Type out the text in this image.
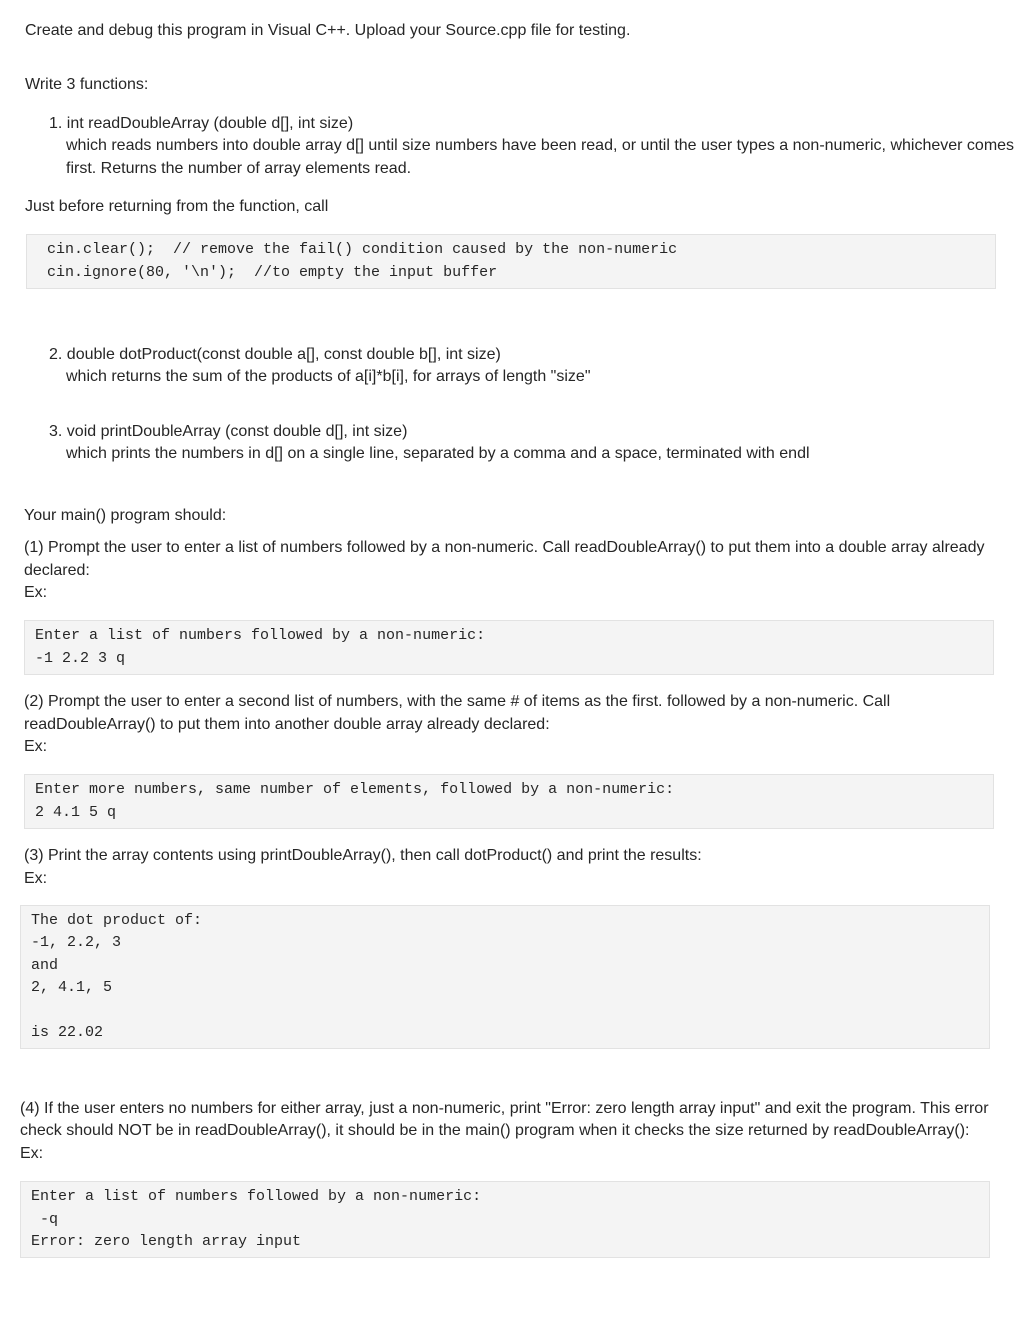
Create and debug this program in Visual C++. Upload your Source.cpp file for testing.
Write 3 functions:
1. int readDoubleArray (double d[], int size)
which reads numbers into double array d[] until size numbers have been read, or until the user types a non-numeric, whichever comes
first. Returns the number of array elements read.
Just before returning from the function, call
cin.clear();  // remove the fail() condition caused by the non-numeric
cin.ignore(80, '\n');  //to empty the input buffer
2. double dotProduct(const double a[], const double b[], int size)
which returns the sum of the products of a[i]*b[i], for arrays of length "size"
3. void printDoubleArray (const double d[], int size)
which prints the numbers in d[] on a single line, separated by a comma and a space, terminated with endl
Your main() program should:
(1) Prompt the user to enter a list of numbers followed by a non-numeric. Call readDoubleArray() to put them into a double array already
declared:
Ex:
Enter a list of numbers followed by a non-numeric:
-1 2.2 3 q
(2) Prompt the user to enter a second list of numbers, with the same # of items as the first. followed by a non-numeric. Call
readDoubleArray() to put them into another double array already declared:
Ex:
Enter more numbers, same number of elements, followed by a non-numeric:
2 4.1 5 q
(3) Print the array contents using printDoubleArray(), then call dotProduct() and print the results:
Ex:
The dot product of:
-1, 2.2, 3
and
2, 4.1, 5
is 22.02
(4) If the user enters no numbers for either array, just a non-numeric, print "Error: zero length array input" and exit the program. This error
check should NOT be in readDoubleArray(), it should be in the main() program when it checks the size returned by readDoubleArray():
Ex:
Enter a list of numbers followed by a non-numeric:
-q
Error: zero length array input
